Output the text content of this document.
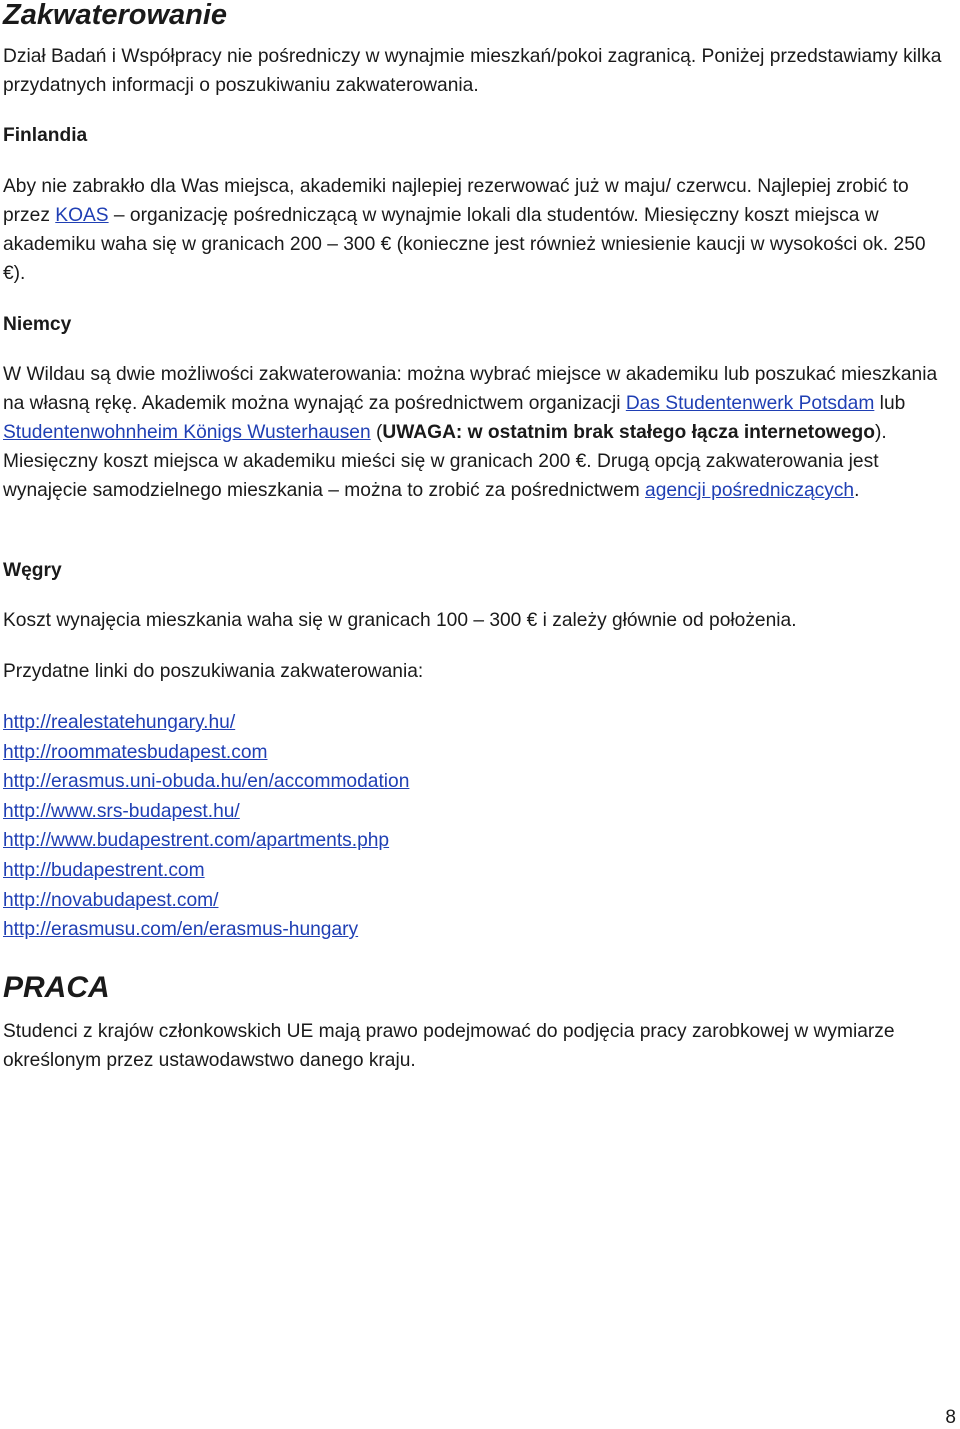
Zakwaterowanie

Dział Badań i Współpracy nie pośredniczy w wynajmie mieszkań/pokoi zagranicą. Poniżej przedstawiamy kilka przydatnych informacji o poszukiwaniu zakwaterowania.

Finlandia

Aby nie zabrakło dla Was miejsca, akademiki najlepiej rezerwować już w maju/ czerwcu. Najlepiej zrobić to przez KOAS – organizację pośredniczącą w wynajmie lokali dla studentów. Miesięczny koszt miejsca w akademiku waha się w granicach 200 – 300 € (konieczne jest również wniesienie kaucji w wysokości ok. 250 €).

Niemcy

W Wildau są dwie możliwości zakwaterowania: można wybrać miejsce w akademiku lub poszukać mieszkania na własną rękę. Akademik można wynająć za pośrednictwem organizacji Das Studentenwerk Potsdam lub Studentenwohnheim Königs Wusterhausen (UWAGA: w ostatnim brak stałego łącza internetowego). Miesięczny koszt miejsca w akademiku mieści się w granicach 200 €. Drugą opcją zakwaterowania jest wynajęcie samodzielnego mieszkania – można to zrobić za pośrednictwem agencji pośredniczących.

Węgry

Koszt wynajęcia mieszkania waha się w granicach 100 – 300 € i zależy głównie od położenia.

Przydatne linki do poszukiwania zakwaterowania:

http://realestatehungary.hu/
http://roommatesbudapest.com
http://erasmus.uni-obuda.hu/en/accommodation
http://www.srs-budapest.hu/
http://www.budapestrent.com/apartments.php
http://budapestrent.com
http://novabudapest.com/
http://erasmusu.com/en/erasmus-hungary
PRACA

Studenci z krajów członkowskich UE mają prawo podejmować do podjęcia pracy zarobkowej w wymiarze określonym przez ustawodawstwo danego kraju.

8
